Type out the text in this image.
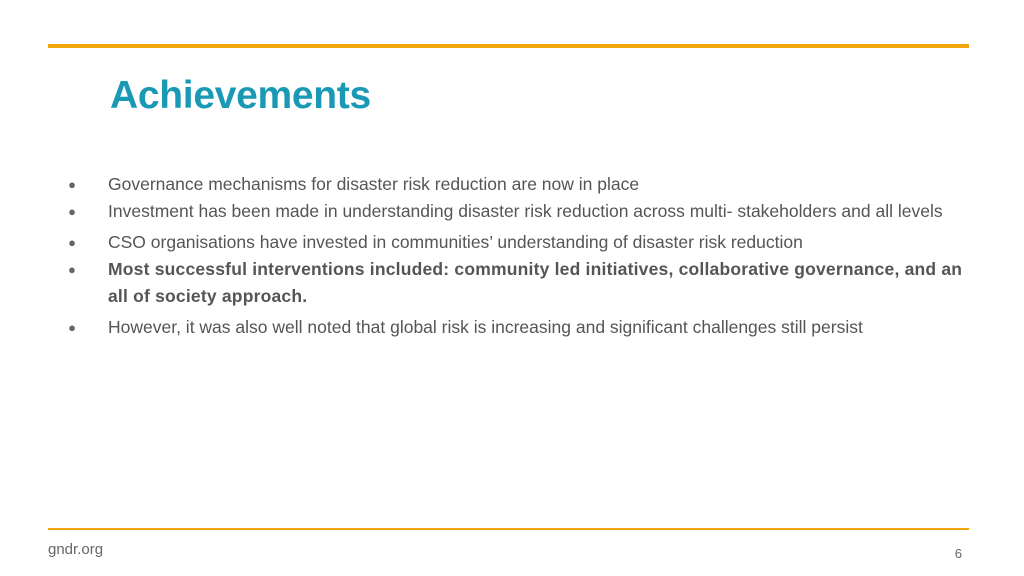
Achievements
●	Governance mechanisms for disaster risk reduction are now in place
●	Investment has been made in understanding disaster risk reduction across multi- stakeholders and all levels
●	CSO organisations have invested in communities’ understanding of disaster risk reduction
●	Most successful interventions included: community led initiatives, collaborative governance, and an all of society approach.
●	However, it was also well noted that global risk is increasing and significant challenges still persist
gndr.org	6
